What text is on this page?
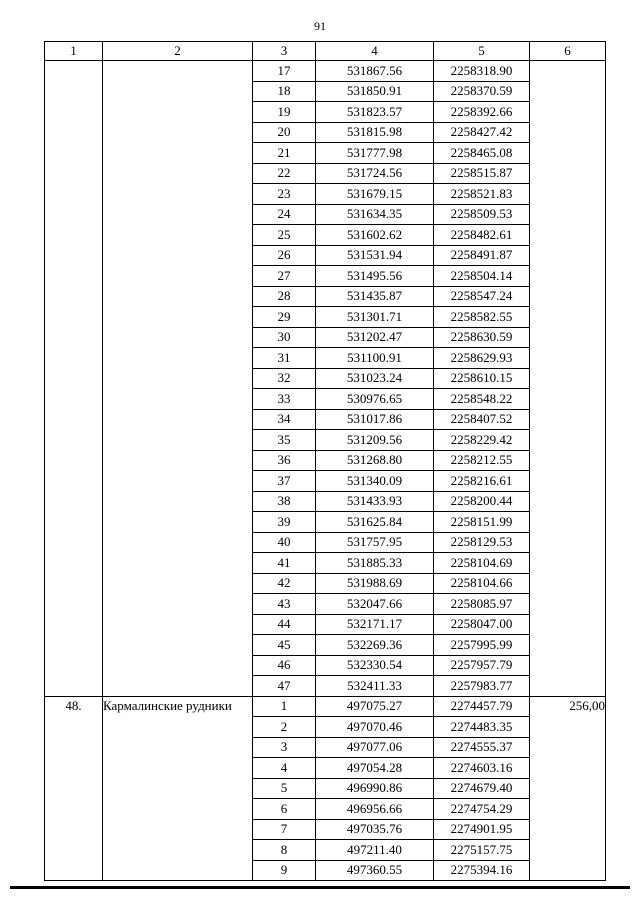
91
1	2	3	4	5	6
		17	531867.56	2258318.90	
		18	531850.91	2258370.59	
		19	531823.57	2258392.66	
		20	531815.98	2258427.42	
		21	531777.98	2258465.08	
		22	531724.56	2258515.87	
		23	531679.15	2258521.83	
		24	531634.35	2258509.53	
		25	531602.62	2258482.61	
		26	531531.94	2258491.87	
		27	531495.56	2258504.14	
		28	531435.87	2258547.24	
		29	531301.71	2258582.55	
		30	531202.47	2258630.59	
		31	531100.91	2258629.93	
		32	531023.24	2258610.15	
		33	530976.65	2258548.22	
		34	531017.86	2258407.52	
		35	531209.56	2258229.42	
		36	531268.80	2258212.55	
		37	531340.09	2258216.61	
		38	531433.93	2258200.44	
		39	531625.84	2258151.99	
		40	531757.95	2258129.53	
		41	531885.33	2258104.69	
		42	531988.69	2258104.66	
		43	532047.66	2258085.97	
		44	532171.17	2258047.00	
		45	532269.36	2257995.99	
		46	532330.54	2257957.79	
		47	532411.33	2257983.77	
48.	Кармалинские рудники	1	497075.27	2274457.79	256,00
		2	497070.46	2274483.35	
		3	497077.06	2274555.37	
		4	497054.28	2274603.16	
		5	496990.86	2274679.40	
		6	496956.66	2274754.29	
		7	497035.76	2274901.95	
		8	497211.40	2275157.75	
		9	497360.55	2275394.16	
